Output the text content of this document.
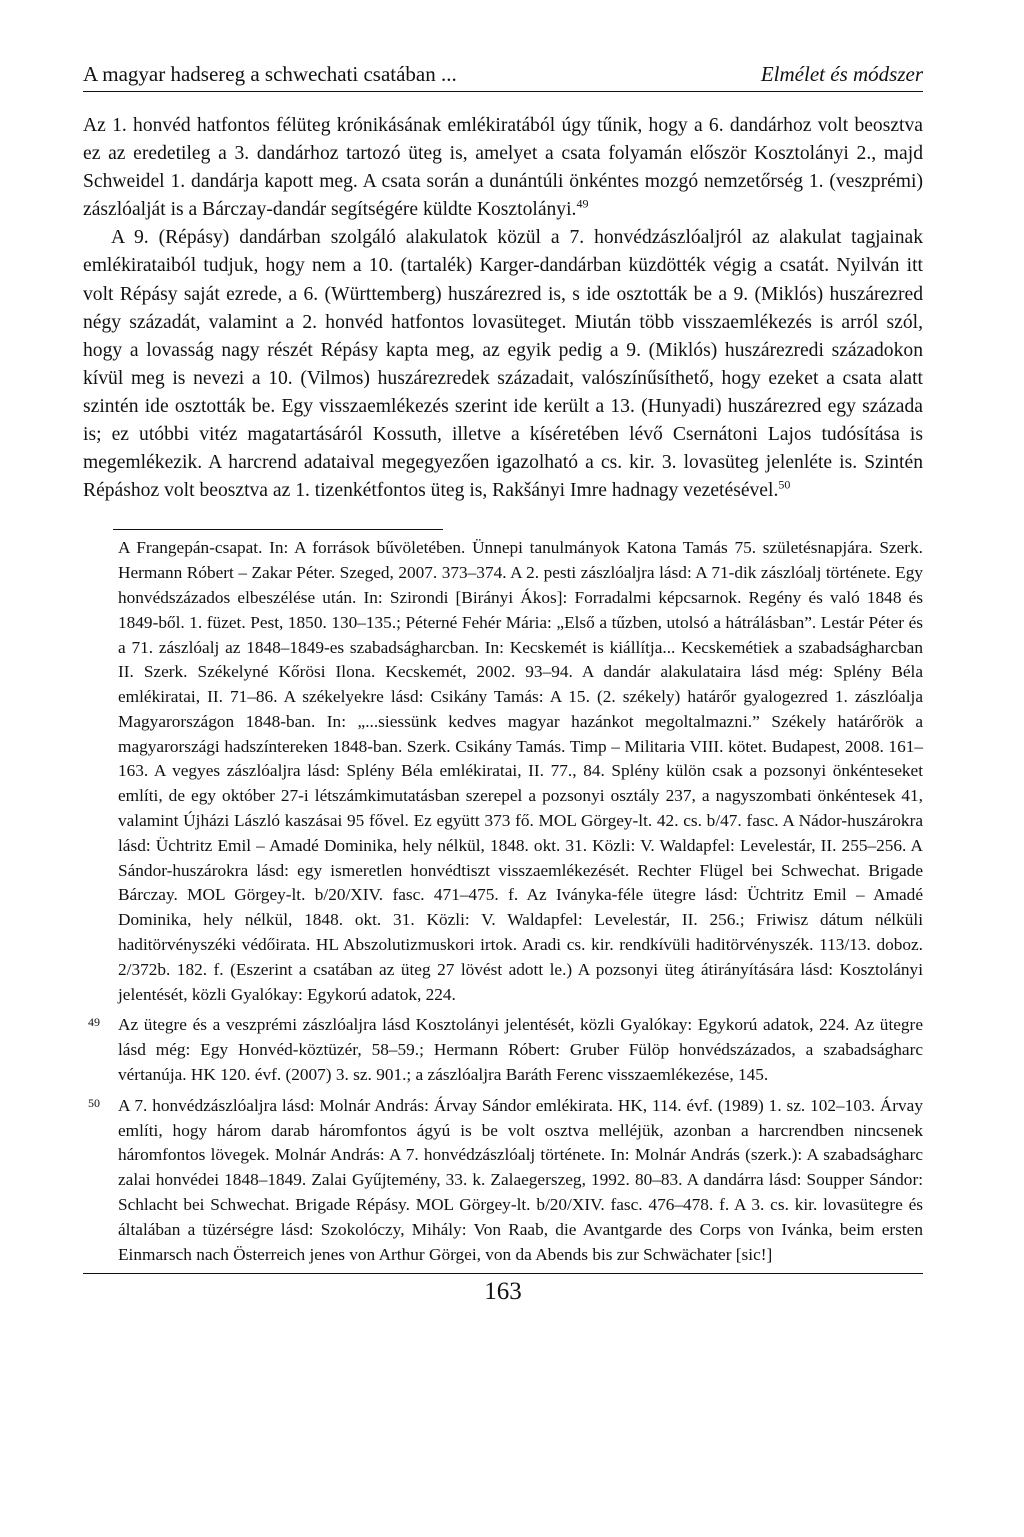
A magyar hadsereg a schwechati csatában ...	Elmélet és módszer

Az 1. honvéd hatfontos félüteg krónikásának emlékiratából úgy tűnik, hogy a 6. dandárhoz volt beosztva ez az eredetileg a 3. dandárhoz tartozó üteg is, amelyet a csata folyamán először Kosztolányi 2., majd Schweidel 1. dandárja kapott meg. A csata során a dunántúli önkéntes mozgó nemzetőrség 1. (veszprémi) zászlóalját is a Bárczay-dandár segítségére küldte Kosztolányi.$^{49}$

A 9. (Répásy) dandárban szolgáló alakulatok közül a 7. honvédzászlóaljról az alakulat tagjainak emlékirataiból tudjuk, hogy nem a 10. (tartalék) Karger-dandárban küzdötték végig a csatát. Nyilván itt volt Répásy saját ezrede, a 6. (Württemberg) huszárezred is, s ide osztották be a 9. (Miklós) huszárezred négy századát, valamint a 2. honvéd hatfontos lovasüteget. Miután több visszaemlékezés is arról szól, hogy a lovasság nagy részét Répásy kapta meg, az egyik pedig a 9. (Miklós) huszárezredi századokon kívül meg is nevezi a 10. (Vilmos) huszárezredek századait, valószínűsíthető, hogy ezeket a csata alatt szintén ide osztották be. Egy visszaemlékezés szerint ide került a 13. (Hunyadi) huszárezred egy százada is; ez utóbbi vitéz magatartásáról Kossuth, illetve a kíséretében lévő Csernátoni Lajos tudósítása is megemlékezik. A harcrend adataival megegyezően igazolható a cs. kir. 3. lovasüteg jelenléte is. Szintén Répáshoz volt beosztva az 1. tizenkétfontos üteg is, Rakšányi Imre hadnagy vezetésével.$^{50}$

A Frangepán-csapat. In: A források bűvöletében. Ünnepi tanulmányok Katona Tamás 75. születésnapjára. Szerk. Hermann Róbert – Zakar Péter. Szeged, 2007. 373–374. A 2. pesti zászlóaljra lásd: A 71-dik zászlóalj története. Egy honvédszázados elbeszélése után. In: Szirondi [Birányi Ákos]: Forradalmi képcsarnok. Regény és való 1848 és 1849-ből. 1. füzet. Pest, 1850. 130–135.; Péterné Fehér Mária: „Első a tűzben, utolsó a hátrálásban”. Lestár Péter és a 71. zászlóalj az 1848–1849-es szabadságharcban. In: Kecskemét is kiállítja... Kecskemétiek a szabadságharcban II. Szerk. Székelyné Kőrösi Ilona. Kecskemét, 2002. 93–94. A dandár alakulataira lásd még: Splény Béla emlékiratai, II. 71–86. A székelyekre lásd: Csikány Tamás: A 15. (2. székely) határőr gyalogezred 1. zászlóalja Magyarországon 1848-ban. In: „...siessünk kedves magyar hazánkot megoltalmazni.” Székely határőrök a magyarországi hadszíntereken 1848-ban. Szerk. Csikány Tamás. Timp – Militaria VIII. kötet. Budapest, 2008. 161–163. A vegyes zászlóaljra lásd: Splény Béla emlékiratai, II. 77., 84. Splény külön csak a pozsonyi önkénteseket említi, de egy október 27-i létszámkimutatásban szerepel a pozsonyi osztály 237, a nagyszombati önkéntesek 41, valamint Újházi László kaszásai 95 fővel. Ez együtt 373 fő. MOL Görgey-lt. 42. cs. b/47. fasc. A Nádor-huszárokra lásd: Üchtritz Emil – Amadé Dominika, hely nélkül, 1848. okt. 31. Közli: V. Waldapfel: Levelestár, II. 255–256. A Sándor-huszárokra lásd: egy ismeretlen honvédtiszt visszaemlékezését. Rechter Flügel bei Schwechat. Brigade Bárczay. MOL Görgey-lt. b/20/XIV. fasc. 471–475. f. Az Iványka-féle ütegre lásd: Üchtritz Emil – Amadé Dominika, hely nélkül, 1848. okt. 31. Közli: V. Waldapfel: Levelestár, II. 256.; Friwisz dátum nélküli haditörvényszéki védőirata. HL Abszolutizmuskori irtok. Aradi cs. kir. rendkívüli haditörvényszék. 113/13. doboz. 2/372b. 182. f. (Eszerint a csatában az üteg 27 lövést adott le.) A pozsonyi üteg átirányítására lásd: Kosztolányi jelentését, közli Gyalókay: Egykorú adatok, 224.

49 Az ütegre és a veszprémi zászlóaljra lásd Kosztolányi jelentését, közli Gyalókay: Egykorú adatok, 224. Az ütegre lásd még: Egy Honvéd-köztüzér, 58–59.; Hermann Róbert: Gruber Fülöp honvédszázados, a szabadságharc vértanúja. HK 120. évf. (2007) 3. sz. 901.; a zászlóaljra Baráth Ferenc visszaemlékezése, 145.

50 A 7. honvédzászlóaljra lásd: Molnár András: Árvay Sándor emlékirata. HK, 114. évf. (1989) 1. sz. 102–103. Árvay említi, hogy három darab háromfontos ágyú is be volt osztva melléjük, azonban a harcrendben nincsenek háromfontos lövegek. Molnár András: A 7. honvédzászlóalj története. In: Molnár András (szerk.): A szabadságharc zalai honvédei 1848–1849. Zalai Gyűjtemény, 33. k. Zalaegerszeg, 1992. 80–83. A dandárra lásd: Soupper Sándor: Schlacht bei Schwechat. Brigade Répásy. MOL Görgey-lt. b/20/XIV. fasc. 476–478. f. A 3. cs. kir. lovasütegre és általában a tüzérségre lásd: Szokolóczy, Mihály: Von Raab, die Avantgarde des Corps von Ivánka, beim ersten Einmarsch nach Österreich jenes von Arthur Görgei, von da Abends bis zur Schwächater [sic!]

163
